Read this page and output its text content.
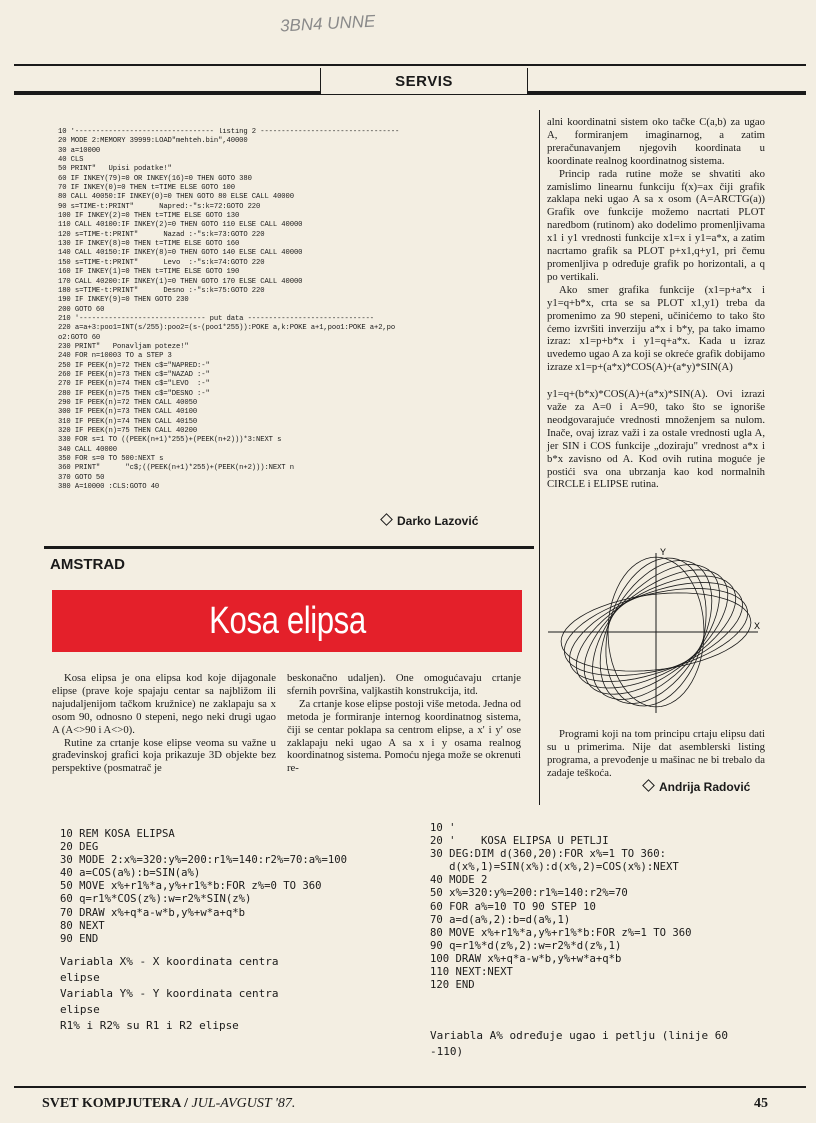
3BN4 UNNE
SERVIS
10 '--------------------------------- listing 2 ---------------------------------
20 MODE 2:MEMORY 39999:LOAD"mehteh.bin",40000
30 a=10000
40 CLS
50 PRINT"   Upisi podatke!"
60 IF INKEY(79)=0 OR INKEY(16)=0 THEN GOTO 380
70 IF INKEY(0)=0 THEN t=TIME ELSE GOTO 100
80 CALL 40050:IF INKEY(0)=0 THEN GOTO 80 ELSE CALL 40000
90 s=TIME-t:PRINT"      Napred:-"s:k=72:GOTO 220
100 IF INKEY(2)=0 THEN t=TIME ELSE GOTO 130
110 CALL 40100:IF INKEY(2)=0 THEN GOTO 110 ELSE CALL 40000
120 s=TIME-t:PRINT"      Nazad :-"s:k=73:GOTO 220
130 IF INKEY(8)=0 THEN t=TIME ELSE GOTO 160
140 CALL 40150:IF INKEY(8)=0 THEN GOTO 140 ELSE CALL 40000
150 s=TIME-t:PRINT"      Levo  :-"s:k=74:GOTO 220
160 IF INKEY(1)=0 THEN t=TIME ELSE GOTO 190
170 CALL 40200:IF INKEY(1)=0 THEN GOTO 170 ELSE CALL 40000
180 s=TIME-t:PRINT"      Desno :-"s:k=75:GOTO 220
190 IF INKEY(9)=0 THEN GOTO 230
200 GOTO 60
210 '------------------------------ put data ------------------------------
220 a=a+3:poo1=INT(s/255):poo2=(s-(poo1*255)):POKE a,k:POKE a+1,poo1:POKE a+2,po
o2:GOTO 60
230 PRINT"   Ponavljam poteze!"
240 FOR n=10003 TO a STEP 3
250 IF PEEK(n)=72 THEN c$="NAPRED:-"
260 IF PEEK(n)=73 THEN c$="NAZAD :-"
270 IF PEEK(n)=74 THEN c$="LEVO  :-"
280 IF PEEK(n)=75 THEN c$="DESNO :-"
290 IF PEEK(n)=72 THEN CALL 40050
300 IF PEEK(n)=73 THEN CALL 40100
310 IF PEEK(n)=74 THEN CALL 40150
320 IF PEEK(n)=75 THEN CALL 40200
330 FOR s=1 TO ((PEEK(n+1)*255)+(PEEK(n+2)))*3:NEXT s
340 CALL 40000
350 FOR s=0 TO 500:NEXT s
360 PRINT"      "c$;((PEEK(n+1)*255)+(PEEK(n+2))):NEXT n
370 GOTO 50
380 A=10000 :CLS:GOTO 40
Darko Lazović

alni koordinatni sistem oko tačke C(a,b) za ugao A, formiranjem imaginarnog, a zatim preračunavanjem njegovih koordinata u koordinate realnog koordinatnog sistema.

Princip rada rutine može se shvatiti ako zamislimo linearnu funkciju f(x)=ax čiji grafik zaklapa neki ugao A sa x osom (A=ARCTG(a)) Grafik ove funkcije možemo nacrtati PLOT naredbom (rutinom) ako dodelimo promenljivama x1 i y1 vrednosti funkcije x1=x i y1=a*x, a zatim nacrtamo grafik sa PLOT p+x1,q+y1, pri čemu promenljiva p određuje grafik po horizontali, a q po vertikali.

Ako smer grafika funkcije (x1=p+a*x i y1=q+b*x, crta se sa PLOT x1,y1) treba da promenimo za 90 stepeni, učinićemo to tako što ćemo izvršiti inverziju a*x i b*y, pa tako imamo izraz: x1=p+b*x i y1=q+a*x. Kada u izraz uvedemo ugao A za koji se okreće grafik dobijamo izraze x1=p+(a*x)*COS(A)+(a*y)*SIN(A)

y1=q+(b*x)*COS(A)+(a*x)*SIN(A). Ovi izrazi važe za A=0 i A=90, tako što se ignoriše neodgovarajuće vrednosti množenjem sa nulom. Inače, ovaj izraz važi i za ostale vrednosti ugla A, jer SIN i COS funkcije „doziraju" vrednost a*x i b*x zavisno od A. Kod ovih rutina moguće je postići sva ona ubrzanja kao kod normalnih CIRCLE i ELIPSE rutina.

Y
X

Programi koji na tom principu crtaju elipsu dati su u primerima. Nije dat asemblerski listing programa, a prevođenje u mašinac ne bi trebalo da zadaje teškoća.

Andrija Radović
AMSTRAD
Kosa elipsa

Kosa elipsa je ona elipsa kod koje dijagonale elipse (prave koje spajaju centar sa najbližom ili najudaljenijom tačkom kružnice) ne zaklapaju sa x osom 90, odnosno 0 stepeni, nego neki drugi ugao A (A<>90 i A<>0).

Rutine za crtanje kose elipse veoma su važne u građevinskoj grafici koja prikazuje 3D objekte bez perspektive (posmatrač je

beskonačno udaljen). One omogućavaju crtanje sfernih površina, valjkastih konstrukcija, itd.

Za crtanje kose elipse postoji više metoda. Jedna od metoda je formiranje internog koordinatnog sistema, čiji se centar poklapa sa centrom elipse, a x' i y' ose zaklapaju neki ugao A sa x i y osama realnog koordinatnog sistema. Pomoću njega može se okrenuti re-

10 REM KOSA ELIPSA
20 DEG
30 MODE 2:x%=320:y%=200:r1%=140:r2%=70:a%=100
40 a=COS(a%):b=SIN(a%)
50 MOVE x%+r1%*a,y%+r1%*b:FOR z%=0 TO 360
60 q=r1%*COS(z%):w=r2%*SIN(z%)
70 DRAW x%+q*a-w*b,y%+w*a+q*b
80 NEXT
90 END
Variabla X% - X koordinata centra elipse
Variabla Y% - Y koordinata centra elipse
R1% i R2% su R1 i R2 elipse
10 '
20 '    KOSA ELIPSA U PETLJI
30 DEG:DIM d(360,20):FOR x%=1 TO 360:
d(x%,1)=SIN(x%):d(x%,2)=COS(x%):NEXT
40 MODE 2
50 x%=320:y%=200:r1%=140:r2%=70
60 FOR a%=10 TO 90 STEP 10
70 a=d(a%,2):b=d(a%,1)
80 MOVE x%+r1%*a,y%+r1%*b:FOR z%=1 TO 360
90 q=r1%*d(z%,2):w=r2%*d(z%,1)
100 DRAW x%+q*a-w*b,y%+w*a+q*b
110 NEXT:NEXT
120 END
Variabla A% određuje ugao i petlju (linije 60 -110)
SVET KOMPJUTERA / JUL-AVGUST '87.	45
